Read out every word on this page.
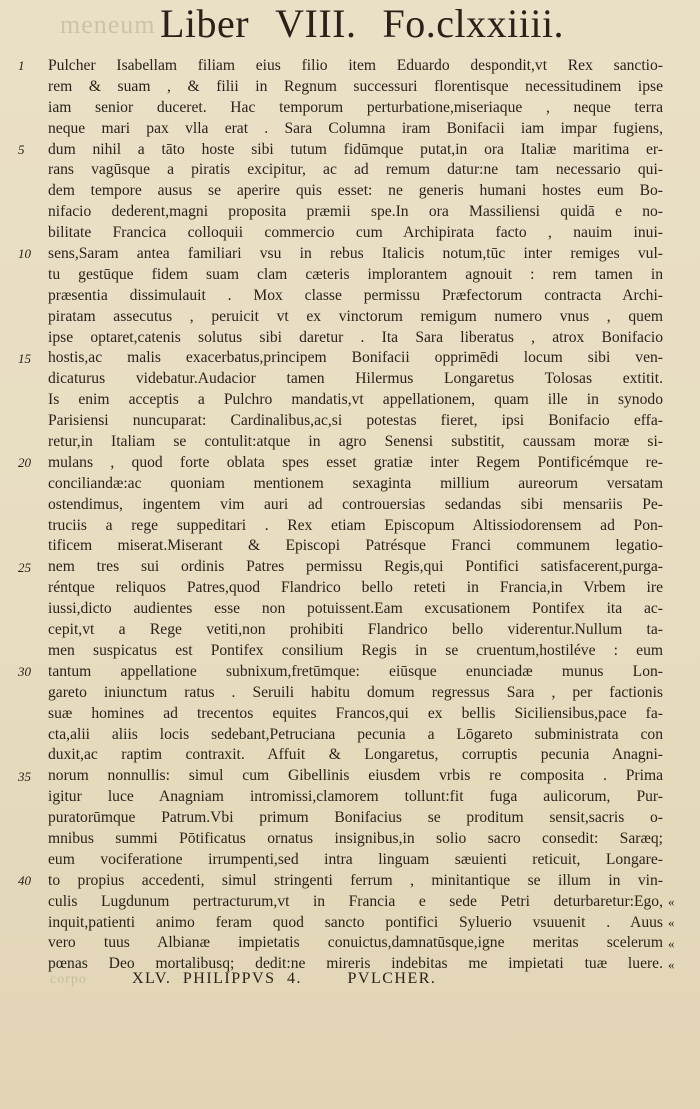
meneum Liber VIII. Fo.clxxiiii.
Pulcher Isabellam filiam eius filio item Eduardo despondit,vt Rex sanctio-
rem & suam , & filii in Regnum successuri florentisque necessitudinem ipse
iam senior duceret. Hac temporum perturbatione,miseriaque , neque terra
neque mari pax vlla erat . Sara Columna iram Bonifacii iam impar fugiens,
dum nihil a tāto hoste sibi tutum fidūmque putat,in ora Italiæ maritima er-
rans vagūsque a piratis excipitur, ac ad remum datur:ne tam necessario qui-
dem tempore ausus se aperire quis esset: ne generis humani hostes eum Bo-
nifacio dederent,magni proposita præmii spe.In ora Massiliensi quidā e no-
bilitate Francica colloquii commercio cum Archipirata facto , nauim inui-
sens,Saram antea familiari vsu in rebus Italicis notum,tūc inter remiges vul-
tu gestūque fidem suam clam cæteris implorantem agnouit : rem tamen in
præsentia dissimulauit . Mox classe permissu Præfectorum contracta Archi-
piratam assecutus , peruicit vt ex vinctorum remigum numero vnus , quem
ipse optaret,catenis solutus sibi daretur . Ita Sara liberatus , atrox Bonifacio
hostis,ac malis exacerbatus,principem Bonifacii opprimēdi locum sibi ven-
dicaturus videbatur.Audacior tamen Hilermus Longaretus Tolosas extitit.
Is enim acceptis a Pulchro mandatis,vt appellationem, quam ille in synodo
Parisiensi nuncuparat: Cardinalibus,ac,si potestas fieret, ipsi Bonifacio effa-
retur,in Italiam se contulit:atque in agro Senensi substitit, caussam moræ si-
mulans , quod forte oblata spes esset gratiæ inter Regem Pontificémque re-
conciliandæ:ac quoniam mentionem sexaginta millium aureorum versatam
ostendimus, ingentem vim auri ad controuersias sedandas sibi mensariis Pe-
truciis a rege suppeditari . Rex etiam Episcopum Altissiodorensem ad Pon-
tificem miserat.Miserant & Episcopi Patrésque Franci communem legatio-
nem tres sui ordinis Patres permissu Regis,qui Pontifici satisfacerent,purga-
réntque reliquos Patres,quod Flandrico bello reteti in Francia,in Vrbem ire
iussi,dicto audientes esse non potuissent.Eam excusationem Pontifex ita ac-
cepit,vt a Rege vetiti,non prohibiti Flandrico bello viderentur.Nullum ta-
men suspicatus est Pontifex consilium Regis in se cruentum,hostiléve : eum
tantum appellatione subnixum,fretūmque: eiūsque enunciadæ munus Lon-
gareto iniunctum ratus . Seruili habitu domum regressus Sara , per factionis
suæ homines ad trecentos equites Francos,qui ex bellis Siciliensibus,pace fa-
cta,alii aliis locis sedebant,Petruciana pecunia a Lōgareto subministrata con
duxit,ac raptim contraxit. Affuit & Longaretus, corruptis pecunia Anagni-
norum nonnullis: simul cum Gibellinis eiusdem vrbis re composita . Prima
igitur luce Anagniam intromissi,clamorem tollunt:fit fuga aulicorum, Pur-
puratorūmque Patrum.Vbi primum Bonifacius se proditum sensit,sacris o-
mnibus summi Pōtificatus ornatus insignibus,in solio sacro consedit: Saræq;
eum vociferatione irrumpenti,sed intra linguam sæuienti reticuit, Longare-
to propius accedenti, simul stringenti ferrum , minitantique se illum in vin-
culis Lugdunum pertracturum,vt in Francia e sede Petri deturbaretur:Ego,
inquit,patienti animo feram quod sancto pontifici Sylueriо vsuuenit . Auus
vero tuus Albianæ impietatis conuictus,damnatūsque,igne meritas scelerum
pœnas Deo mortalibusq; dedit:ne mireris indebitas me impietati tuæ luere.
corpo	XLV. PHILIPPVS 4.	PVLCHER.
1
5
10
15
20
25
30
35
40
«
«
«
«
